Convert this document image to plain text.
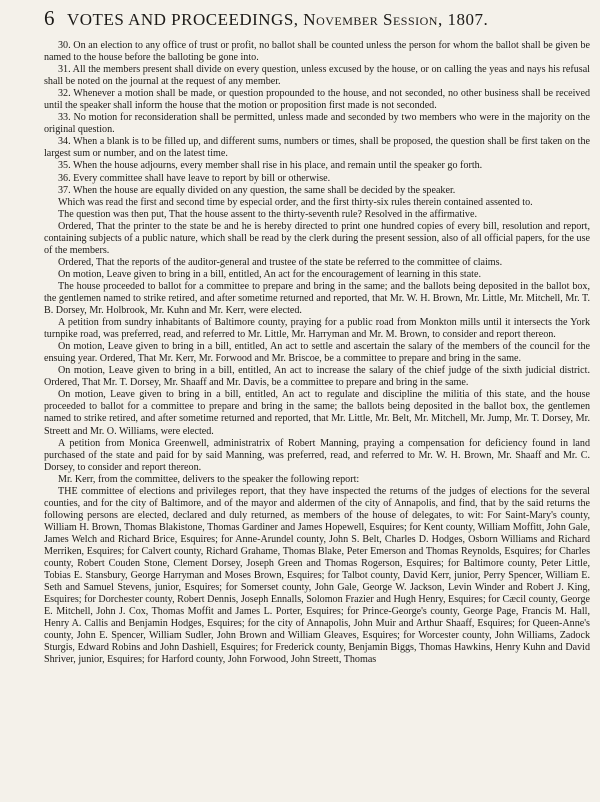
6 VOTES AND PROCEEDINGS, November Session, 1807.

30. On an election to any office of trust or profit, no ballot shall be counted unless the person for whom the ballot shall be given be named to the house before the balloting be gone into.

31. All the members present shall divide on every question, unless excused by the house, or on calling the yeas and nays his refusal shall be noted on the journal at the request of any member.

32. Whenever a motion shall be made, or question propounded to the house, and not seconded, no other business shall be received until the speaker shall inform the house that the motion or proposition first made is not seconded.

33. No motion for reconsideration shall be permitted, unless made and seconded by two members who were in the majority on the original question.

34. When a blank is to be filled up, and different sums, numbers or times, shall be proposed, the question shall be first taken on the largest sum or number, and on the latest time.

35. When the house adjourns, every member shall rise in his place, and remain until the speaker go forth.

36. Every committee shall have leave to report by bill or otherwise.

37. When the house are equally divided on any question, the same shall be decided by the speaker.

Which was read the first and second time by especial order, and the first thirty-six rules therein contained assented to.

The question was then put, That the house assent to the thirty-seventh rule? Resolved in the affirmative.

Ordered, That the printer to the state be and he is hereby directed to print one hundred copies of every bill, resolution and report, containing subjects of a public nature, which shall be read by the clerk during the present session, also of all official papers, for the use of the members.

Ordered, That the reports of the auditor-general and trustee of the state be referred to the committee of claims.

On motion, Leave given to bring in a bill, entitled, An act for the encouragement of learning in this state.

The house proceeded to ballot for a committee to prepare and bring in the same; and the ballots being deposited in the ballot box, the gentlemen named to strike retired, and after sometime returned and reported, that Mr. W. H. Brown, Mr. Little, Mr. Mitchell, Mr. T. B. Dorsey, Mr. Holbrook, Mr. Kuhn and Mr. Kerr, were elected.

A petition from sundry inhabitants of Baltimore county, praying for a public road from Monkton mills until it intersects the York turnpike road, was preferred, read, and referred to Mr. Little, Mr. Harryman and Mr. M. Brown, to consider and report thereon.

On motion, Leave given to bring in a bill, entitled, An act to settle and ascertain the salary of the members of the council for the ensuing year. Ordered, That Mr. Kerr, Mr. Forwood and Mr. Briscoe, be a committee to prepare and bring in the same.

On motion, Leave given to bring in a bill, entitled, An act to increase the salary of the chief judge of the sixth judicial district. Ordered, That Mr. T. Dorsey, Mr. Shaaff and Mr. Davis, be a committee to prepare and bring in the same.

On motion, Leave given to bring in a bill, entitled, An act to regulate and discipline the militia of this state, and the house proceeded to ballot for a committee to prepare and bring in the same; the ballots being deposited in the ballot box, the gentlemen named to strike retired, and after sometime returned and reported, that Mr. Little, Mr. Belt, Mr. Mitchell, Mr. Jump, Mr. T. Dorsey, Mr. Streett and Mr. O. Williams, were elected.

A petition from Monica Greenwell, administratrix of Robert Manning, praying a compensation for deficiency found in land purchased of the state and paid for by said Manning, was preferred, read, and referred to Mr. W. H. Brown, Mr. Shaaff and Mr. C. Dorsey, to consider and report thereon.

Mr. Kerr, from the committee, delivers to the speaker the following report:

THE committee of elections and privileges report, that they have inspected the returns of the judges of elections for the several counties, and for the city of Baltimore, and of the mayor and aldermen of the city of Annapolis, and find, that by the said returns the following persons are elected, declared and duly returned, as members of the house of delegates, to wit: For Saint-Mary's county, William H. Brown, Thomas Blakistone, Thomas Gardiner and James Hopewell, Esquires; for Kent county, William Moffitt, John Gale, James Welch and Richard Brice, Esquires; for Anne-Arundel county, John S. Belt, Charles D. Hodges, Osborn Williams and Richard Merriken, Esquires; for Calvert county, Richard Grahame, Thomas Blake, Peter Emerson and Thomas Reynolds, Esquires; for Charles county, Robert Couden Stone, Clement Dorsey, Joseph Green and Thomas Rogerson, Esquires; for Baltimore county, Peter Little, Tobias E. Stansbury, George Harryman and Moses Brown, Esquires; for Talbot county, David Kerr, junior, Perry Spencer, William E. Seth and Samuel Stevens, junior, Esquires; for Somerset county, John Gale, George W. Jackson, Levin Winder and Robert J. King, Esquires; for Dorchester county, Robert Dennis, Joseph Ennalls, Solomon Frazier and Hugh Henry, Esquires; for Cæcil county, George E. Mitchell, John J. Cox, Thomas Moffit and James L. Porter, Esquires; for Prince-George's county, George Page, Francis M. Hall, Henry A. Callis and Benjamin Hodges, Esquires; for the city of Annapolis, John Muir and Arthur Shaaff, Esquires; for Queen-Anne's county, John E. Spencer, William Sudler, John Brown and William Gleaves, Esquires; for Worcester county, John Williams, Zadock Sturgis, Edward Robins and John Dashiell, Esquires; for Frederick county, Benjamin Biggs, Thomas Hawkins, Henry Kuhn and David Shriver, junior, Esquires; for Harford county, John Forwood, John Streett, Thomas
